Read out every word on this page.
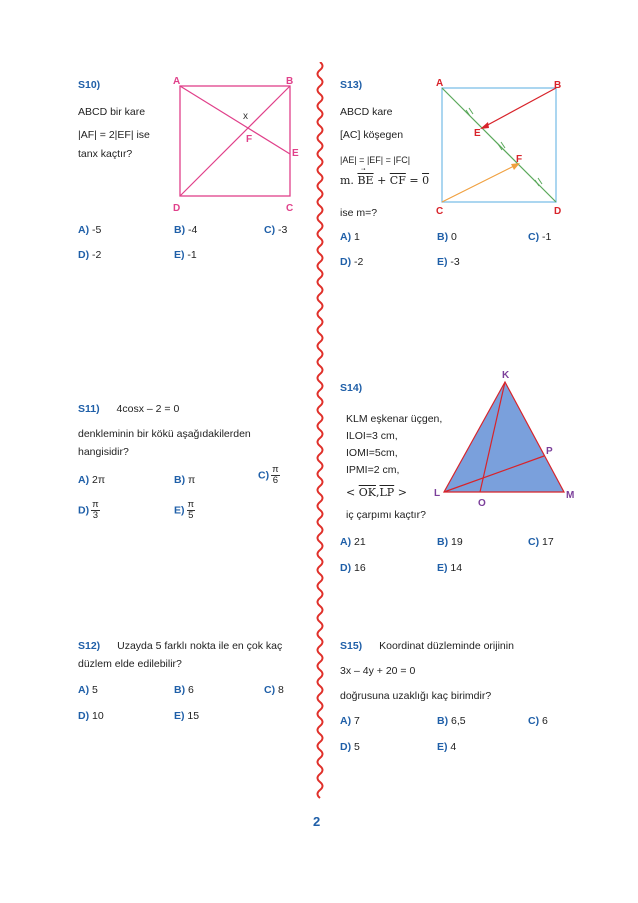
S10)
ABCD bir kare
|AF| = 2|EF| ise
tanx kaçtır?
A	B
C
D
E
F
x
A) -5	B) -4	C) -3
D) -2	E) -1
S11) 4cosx – 2 = 0
denkleminin bir kökü aşağıdakilerden
hangisidir?
A) 2π	B) π	$C) \frac{\pi}{6}$
$D) \frac{\pi}{3}$	$E) \frac{\pi}{5}$
S12) Uzayda 5 farklı nokta ile en çok kaç
düzlem elde edilebilir?
A) 5	B) 6	C) 8
D) 10	E) 15
S13)
ABCD kare
[AC] köşegen
|AE| = |EF| = |FC|
m. $\overline{BE} + \overline{CF} = 0$
ise m=?
A	B
C	D
E
F
A) 1	B) 0	C) -1
D) -2	E) -3
S14)
KLM eşkenar üçgen,
ILOI=3 cm,
IOMI=5cm,
IPMI=2 cm,
< $\overline{OK},\overline{LP}$ >
iç çarpımı kaçtır?
K
L	M
O
P
A) 21	B) 19	C) 17
D) 16	E) 14
S15) Koordinat düzleminde orijinin
3x – 4y + 20 = 0
doğrusuna uzaklığı kaç birimdir?
A) 7	B) 6,5	C) 6
D) 5	E) 4
2
